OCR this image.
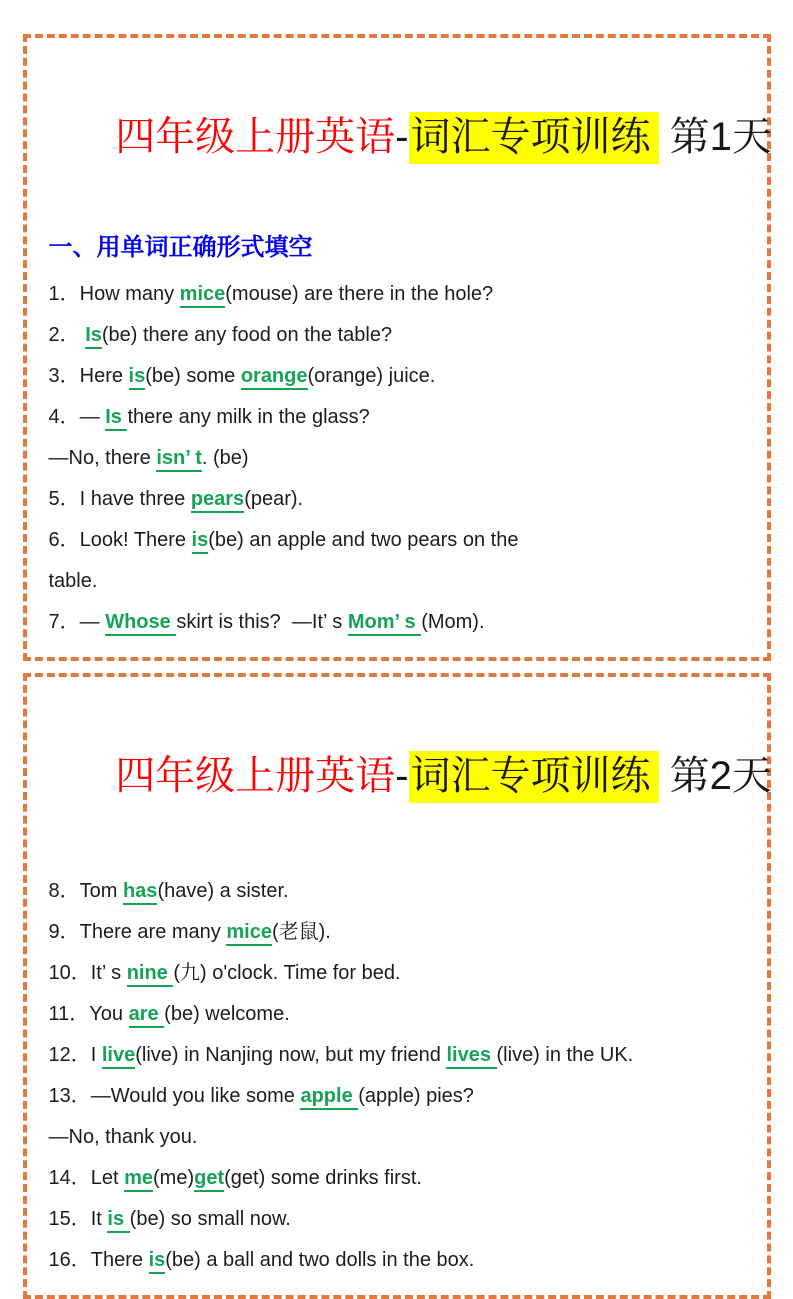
四年级上册英语-词汇专项训练 第1天

一、用单词正确形式填空
1．How many mice(mouse) are there in the hole?
2． Is(be) there any food on the table?
3．Here is(be) some orange(orange) juice.
4．— Is there any milk in the glass?
—No, there isn’ t. (be)
5．I have three pears(pear).
6．Look! There is(be) an apple and two pears on the
table.
7．— Whose skirt is this?  —It’ s Mom’ s (Mom).

四年级上册英语-词汇专项训练 第2天

8．Tom has(have) a sister.
9．There are many mice(老鼠).
10．It’ s nine (九) o'clock. Time for bed.
11．You are (be) welcome.
12．I live(live) in Nanjing now, but my friend lives (live) in the UK.
13．—Would you like some apple (apple) pies?
—No, thank you.
14．Let me(me)get(get) some drinks first.
15．It is (be) so small now.
16．There is(be) a ball and two dolls in the box.
